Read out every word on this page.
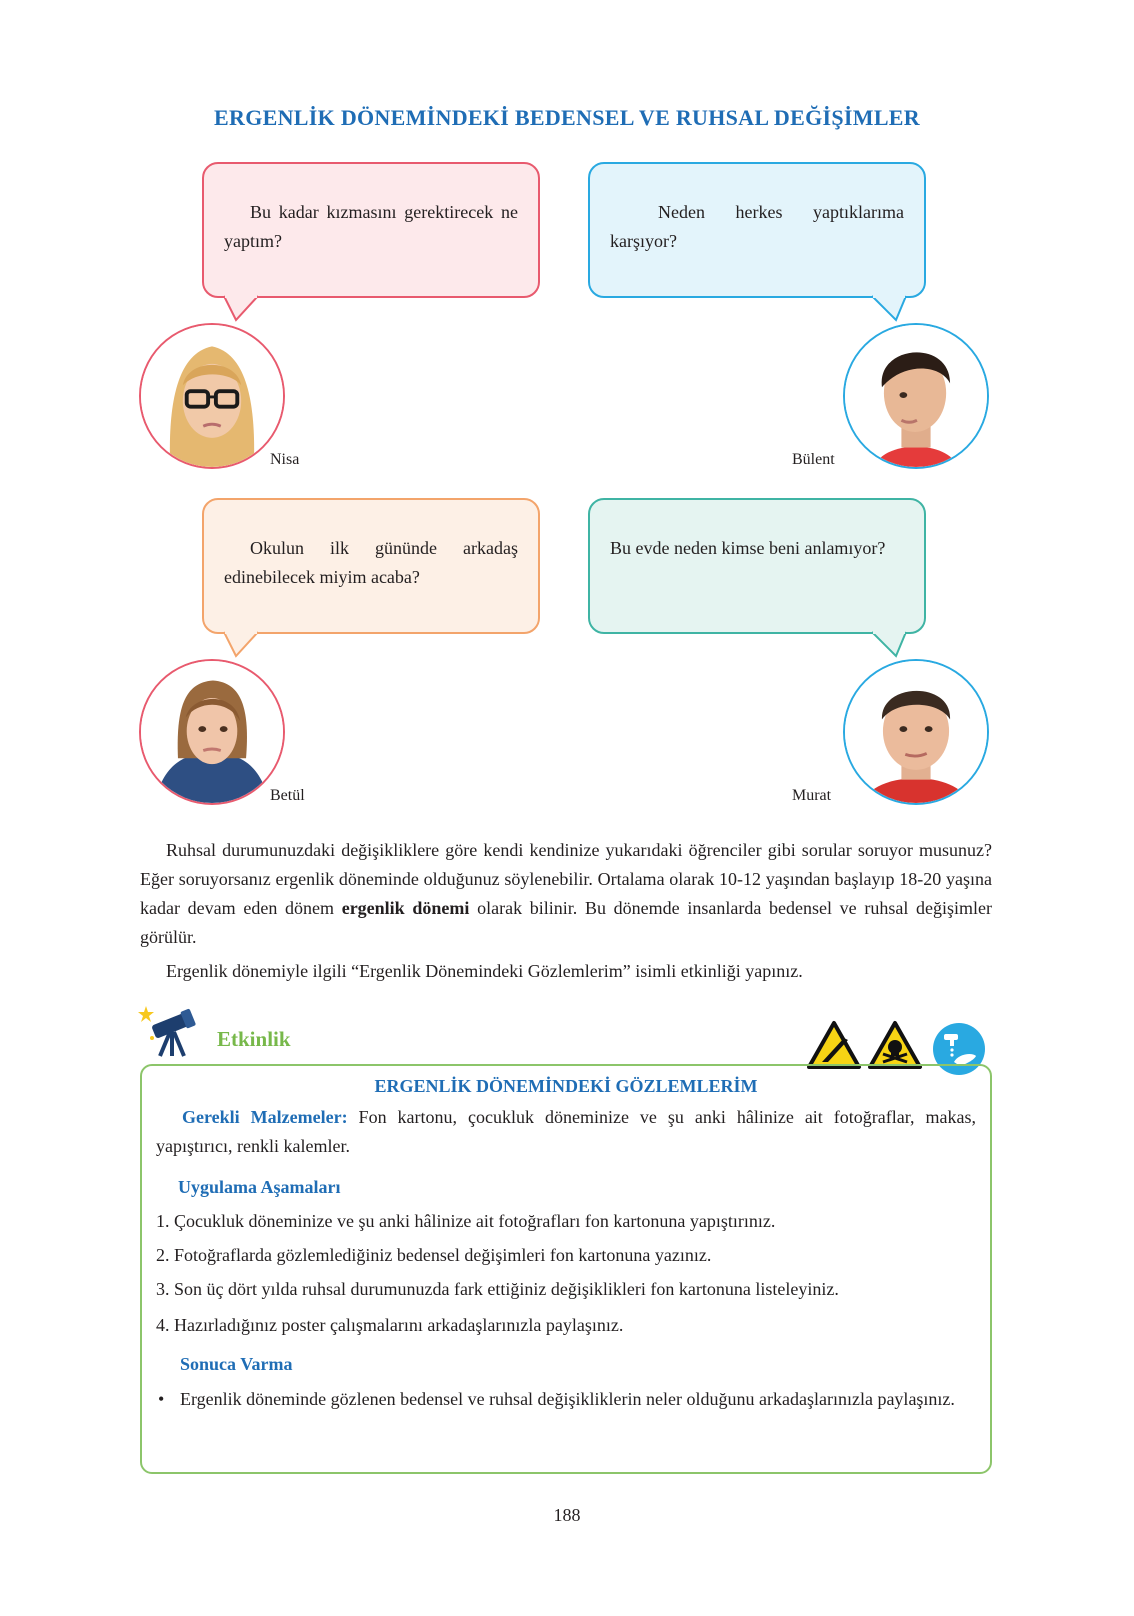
ERGENLİK DÖNEMİNDEKİ BEDENSEL VE RUHSAL DEĞİŞİMLER
Bu kadar kızmasını gerektirecek ne yaptım?
Neden herkes yaptıklarıma karşıyor?
Okulun ilk gününde arkadaş edinebilecek miyim acaba?
Bu evde neden kimse beni anlamıyor?
Nisa	Bülent
Betül	Murat
Ruhsal durumunuzdaki değişikliklere göre kendi kendinize yukarıdaki öğrenciler gibi sorular soruyor musunuz? Eğer soruyorsanız ergenlik döneminde olduğunuz söylenebilir. Ortalama olarak 10-12 yaşından başlayıp 18-20 yaşına kadar devam eden dönem ergenlik dönemi olarak bilinir. Bu dönemde insanlarda bedensel ve ruhsal değişimler görülür.
Ergenlik dönemiyle ilgili “Ergenlik Dönemindeki Gözlemlerim” isimli etkinliği yapınız.
Etkinlik
ERGENLİK DÖNEMİNDEKİ GÖZLEMLERİM
Gerekli Malzemeler: Fon kartonu, çocukluk döneminize ve şu anki hâlinize ait fotoğraflar, makas, yapıştırıcı, renkli kalemler.
Uygulama Aşamaları
1. Çocukluk döneminize ve şu anki hâlinize ait fotoğrafları fon kartonuna yapıştırınız.
2. Fotoğraflarda gözlemlediğiniz bedensel değişimleri fon kartonuna yazınız.
3. Son üç dört yılda ruhsal durumunuzda fark ettiğiniz değişiklikleri fon kartonuna listeleyiniz.
4. Hazırladığınız poster çalışmalarını arkadaşlarınızla paylaşınız.
Sonuca Varma
• Ergenlik döneminde gözlenen bedensel ve ruhsal değişikliklerin neler olduğunu arkadaşlarınızla paylaşınız.
188
